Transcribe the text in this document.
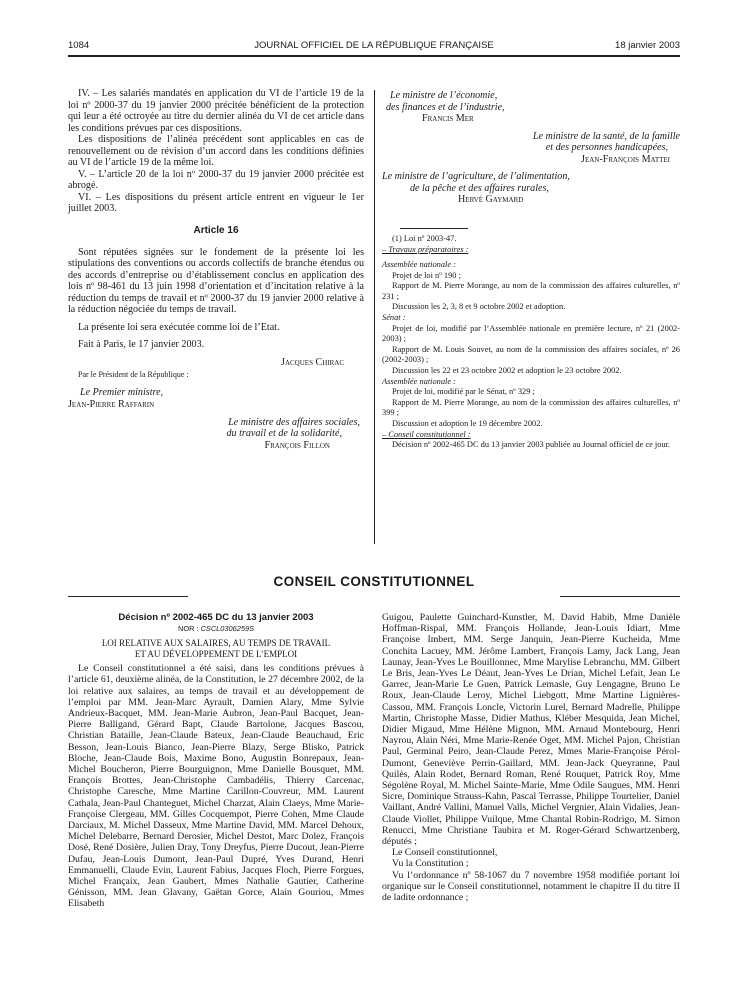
1084	JOURNAL OFFICIEL DE LA RÉPUBLIQUE FRANÇAISE	18 janvier 2003

IV. – Les salariés mandatés en application du VI de l’article 19 de la loi nº 2000-37 du 19 janvier 2000 précitée bénéficient de la protection qui leur a été octroyée au titre du dernier alinéa du VI de cet article dans les conditions prévues par ces dispositions.

Les dispositions de l’alinéa précédent sont applicables en cas de renouvellement ou de révision d’un accord dans les conditions définies au VI de l’article 19 de la même loi.

V. – L’article 20 de la loi nº 2000-37 du 19 janvier 2000 précitée est abrogé.

VI. – Les dispositions du présent article entrent en vigueur le 1er juillet 2003.

Article 16

Sont réputées signées sur le fondement de la présente loi les stipulations des conventions ou accords collectifs de branche étendus ou des accords d’entreprise ou d’établissement conclus en application des lois nº 98-461 du 13 juin 1998 d’orientation et d’incitation relative à la réduction du temps de travail et nº 2000-37 du 19 janvier 2000 relative à la réduction négociée du temps de travail.

La présente loi sera exécutée comme loi de l’Etat.

Fait à Paris, le 17 janvier 2003.

Jacques Chirac

Par le Président de la République :

Le Premier ministre,

Jean-Pierre Raffarin

Le ministre des affaires sociales,

du travail et de la solidarité,

François Fillon

Le ministre de l’économie,

des finances et de l’industrie,

Francis Mer

Le ministre de la santé, de la famille

et des personnes handicapées,

Jean-François Mattei

Le ministre de l’agriculture, de l’alimentation,

de la pêche et des affaires rurales,

Hervé Gaymard

(1) Loi nº 2003-47.

– Travaux préparatoires :

Assemblée nationale :

Projet de loi nº 190 ;

Rapport de M. Pierre Morange, au nom de la commission des affaires culturelles, nº 231 ;

Discussion les 2, 3, 8 et 9 octobre 2002 et adoption.

Sénat :

Projet de loi, modifié par l’Assemblée nationale en première lecture, nº 21 (2002-2003) ;

Rapport de M. Louis Souvet, au nom de la commission des affaires sociales, nº 26 (2002-2003) ;

Discussion les 22 et 23 octobre 2002 et adoption le 23 octobre 2002.

Assemblée nationale :

Projet de loi, modifié par le Sénat, nº 329 ;

Rapport de M. Pierre Morange, au nom de la commission des affaires culturelles, nº 399 ;

Discussion et adoption le 19 décembre 2002.

– Conseil constitutionnel :

Décision nº 2002-465 DC du 13 janvier 2003 publiée au Journal officiel de ce jour.

CONSEIL CONSTITUTIONNEL
Décision nº 2002-465 DC du 13 janvier 2003
NOR : CSCL0306259S
LOI RELATIVE AUX SALAIRES, AU TEMPS DE TRAVAIL
ET AU DÉVELOPPEMENT DE L’EMPLOI

Le Conseil constitutionnel a été saisi, dans les conditions prévues à l’article 61, deuxième alinéa, de la Constitution, le 27 décembre 2002, de la loi relative aux salaires, au temps de travail et au développement de l’emploi par MM. Jean-Marc Ayrault, Damien Alary, Mme Sylvie Andrieux-Bacquet, MM. Jean-Marie Aubron, Jean-Paul Bacquet, Jean-Pierre Balligand, Gérard Bapt, Claude Bartolone, Jacques Bascou, Christian Bataille, Jean-Claude Bateux, Jean-Claude Beauchaud, Eric Besson, Jean-Louis Bianco, Jean-Pierre Blazy, Serge Blisko, Patrick Bloche, Jean-Claude Bois, Maxime Bono, Augustin Bonrepaux, Jean-Michel Boucheron, Pierre Bourguignon, Mme Danielle Bousquet, MM. François Brottes, Jean-Christophe Cambadélis, Thierry Carcenac, Christophe Caresche, Mme Martine Carillon-Couvreur, MM. Laurent Cathala, Jean-Paul Chanteguet, Michel Charzat, Alain Claeys, Mme Marie-Françoise Clergeau, MM. Gilles Cocquempot, Pierre Cohen, Mme Claude Darciaux, M. Michel Dasseux, Mme Martine David, MM. Marcel Dehoux, Michel Delebarre, Bernard Derosier, Michel Destot, Marc Dolez, François Dosé, René Dosière, Julien Dray, Tony Dreyfus, Pierre Ducout, Jean-Pierre Dufau, Jean-Louis Dumont, Jean-Paul Dupré, Yves Durand, Henri Emmanuelli, Claude Evin, Laurent Fabius, Jacques Floch, Pierre Forgues, Michel Françaix, Jean Gaubert, Mmes Nathalie Gautier, Catherine Génisson, MM. Jean Glavany, Gaëtan Gorce, Alain Gouriou, Mmes Elisabeth

Guigou, Paulette Guinchard-Kunstler, M. David Habib, Mme Danièle Hoffman-Rispal, MM. François Hollande, Jean-Louis Idiart, Mme Françoise Imbert, MM. Serge Janquin, Jean-Pierre Kucheida, Mme Conchita Lacuey, MM. Jérôme Lambert, François Lamy, Jack Lang, Jean Launay, Jean-Yves Le Bouillonnec, Mme Marylise Lebranchu, MM. Gilbert Le Bris, Jean-Yves Le Déaut, Jean-Yves Le Drian, Michel Lefait, Jean Le Garrec, Jean-Marie Le Guen, Patrick Lemasle, Guy Lengagne, Bruno Le Roux, Jean-Claude Leroy, Michel Liebgott, Mme Martine Lignières-Cassou, MM. François Loncle, Victorin Lurel, Bernard Madrelle, Philippe Martin, Christophe Masse, Didier Mathus, Kléber Mesquida, Jean Michel, Didier Migaud, Mme Hélène Mignon, MM. Arnaud Montebourg, Henri Nayrou, Alain Néri, Mme Marie-Renée Oget, MM. Michel Pajon, Christian Paul, Germinal Peiro, Jean-Claude Perez, Mmes Marie-Françoise Pérol-Dumont, Geneviève Perrin-Gaillard, MM. Jean-Jack Queyranne, Paul Quilès, Alain Rodet, Bernard Roman, René Rouquet, Patrick Roy, Mme Ségolène Royal, M. Michel Sainte-Marie, Mme Odile Saugues, MM. Henri Sicre, Dominique Strauss-Kahn, Pascal Terrasse, Philippe Tourtelier, Daniel Vaillant, André Vallini, Manuel Valls, Michel Vergnier, Alain Vidalies, Jean-Claude Viollet, Philippe Vuilque, Mme Chantal Robin-Rodrigo, M. Simon Renucci, Mme Christiane Taubira et M. Roger-Gérard Schwartzenberg, députés ;

Le Conseil constitutionnel,

Vu la Constitution ;

Vu l’ordonnance nº 58-1067 du 7 novembre 1958 modifiée portant loi organique sur le Conseil constitutionnel, notamment le chapitre II du titre II de ladite ordonnance ;
